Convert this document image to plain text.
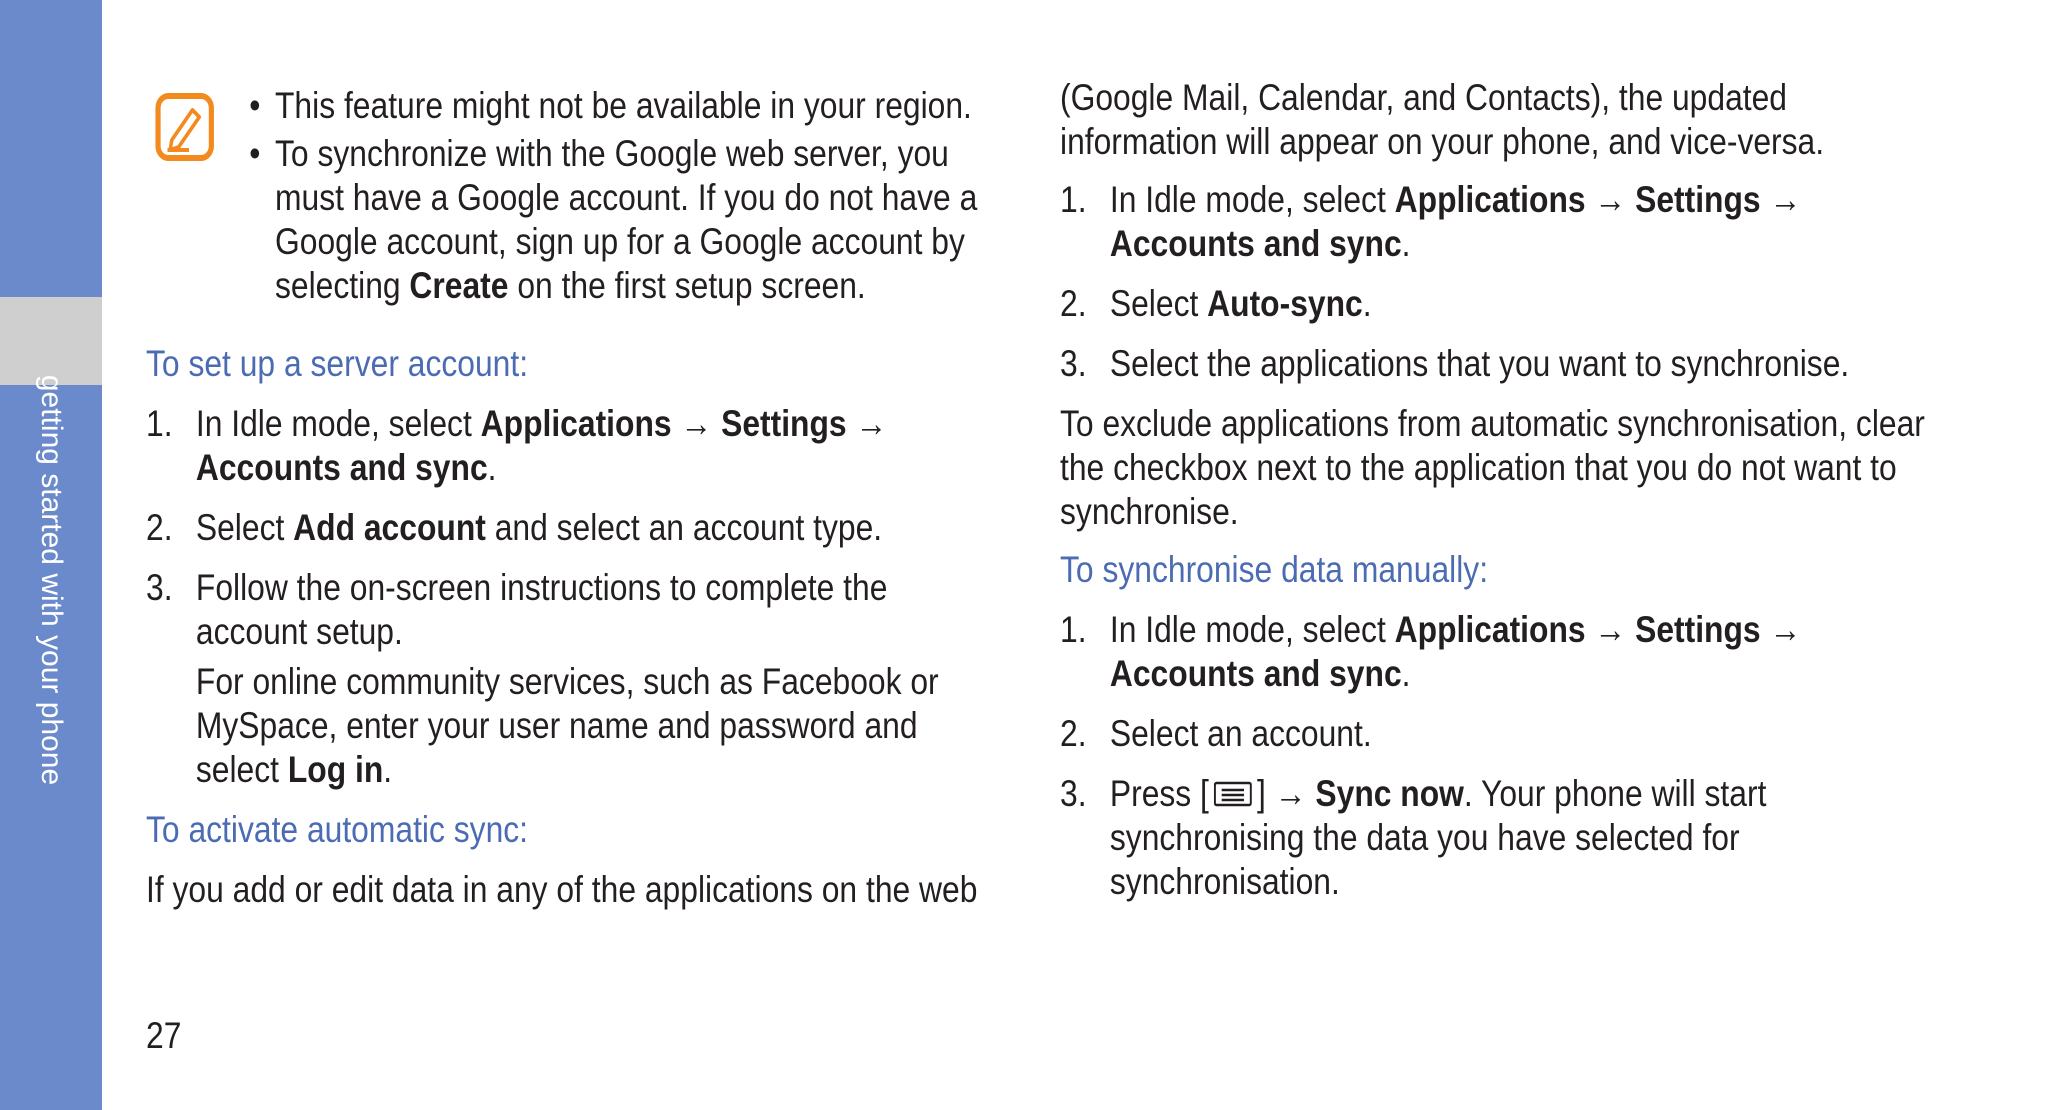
getting started with your phone
• This feature might not be available in your region.
• To synchronize with the Google web server, you must have a Google account. If you do not have a Google account, sign up for a Google account by selecting Create on the first setup screen.
To set up a server account:
1. In Idle mode, select Applications → Settings → Accounts and sync.
2. Select Add account and select an account type.
3. Follow the on-screen instructions to complete the account setup.
For online community services, such as Facebook or MySpace, enter your user name and password and select Log in.
To activate automatic sync:
If you add or edit data in any of the applications on the web
(Google Mail, Calendar, and Contacts), the updated information will appear on your phone, and vice-versa.
1. In Idle mode, select Applications → Settings → Accounts and sync.
2. Select Auto-sync.
3. Select the applications that you want to synchronise.
To exclude applications from automatic synchronisation, clear the checkbox next to the application that you do not want to synchronise.
To synchronise data manually:
1. In Idle mode, select Applications → Settings → Accounts and sync.
2. Select an account.
3. Press [ ] → Sync now. Your phone will start synchronising the data you have selected for synchronisation.
27
